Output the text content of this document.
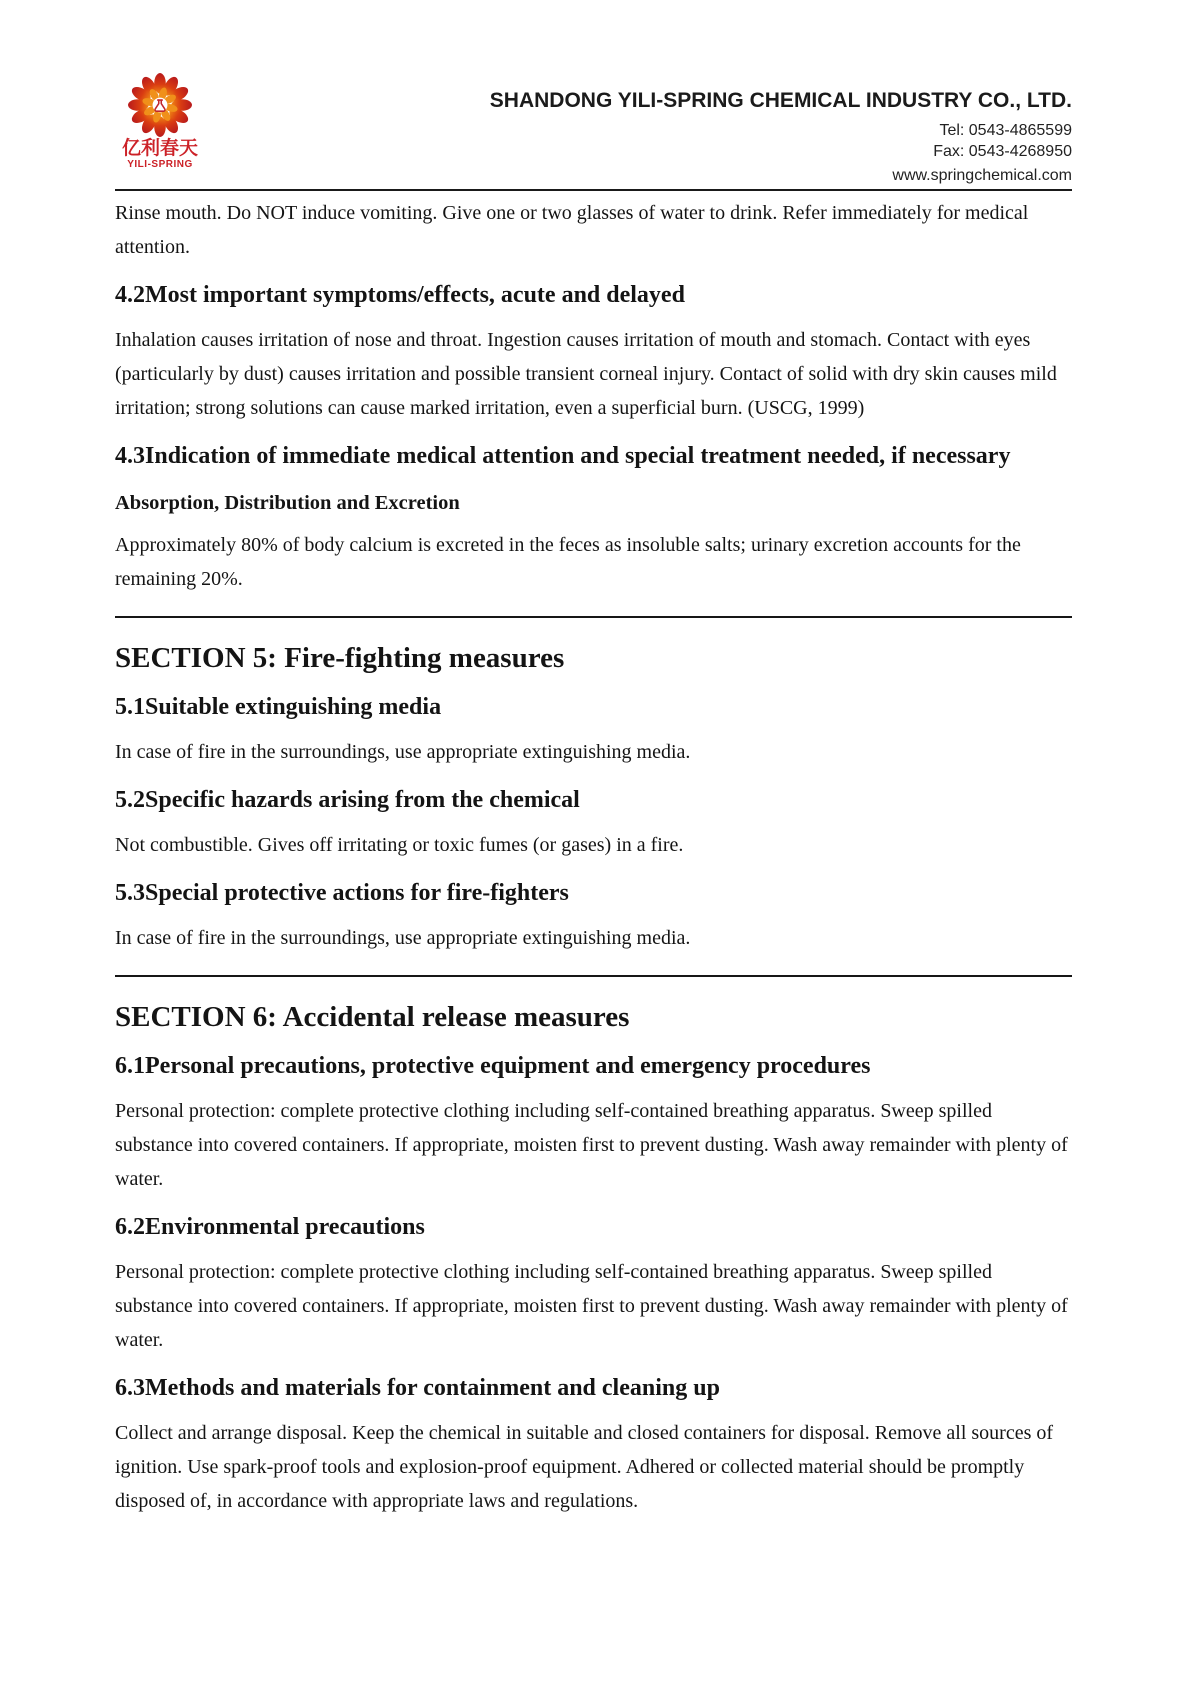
亿利春天
YILI-SPRING
SHANDONG YILI-SPRING CHEMICAL INDUSTRY CO., LTD.
Tel: 0543-4865599
Fax: 0543-4268950
www.springchemical.com

Rinse mouth. Do NOT induce vomiting. Give one or two glasses of water to drink. Refer immediately for medical attention.

4.2Most important symptoms/effects, acute and delayed

Inhalation causes irritation of nose and throat. Ingestion causes irritation of mouth and stomach. Contact with eyes (particularly by dust) causes irritation and possible transient corneal injury. Contact of solid with dry skin causes mild irritation; strong solutions can cause marked irritation, even a superficial burn. (USCG, 1999)

4.3Indication of immediate medical attention and special treatment needed, if necessary
Absorption, Distribution and Excretion

Approximately 80% of body calcium is excreted in the feces as insoluble salts; urinary excretion accounts for the remaining 20%.

SECTION 5: Fire-fighting measures
5.1Suitable extinguishing media

In case of fire in the surroundings, use appropriate extinguishing media.

5.2Specific hazards arising from the chemical

Not combustible. Gives off irritating or toxic fumes (or gases) in a fire.

5.3Special protective actions for fire-fighters

In case of fire in the surroundings, use appropriate extinguishing media.

SECTION 6: Accidental release measures
6.1Personal precautions, protective equipment and emergency procedures

Personal protection: complete protective clothing including self-contained breathing apparatus. Sweep spilled substance into covered containers. If appropriate, moisten first to prevent dusting. Wash away remainder with plenty of water.

6.2Environmental precautions

Personal protection: complete protective clothing including self-contained breathing apparatus. Sweep spilled substance into covered containers. If appropriate, moisten first to prevent dusting. Wash away remainder with plenty of water.

6.3Methods and materials for containment and cleaning up

Collect and arrange disposal. Keep the chemical in suitable and closed containers for disposal. Remove all sources of ignition. Use spark-proof tools and explosion-proof equipment. Adhered or collected material should be promptly disposed of, in accordance with appropriate laws and regulations.
